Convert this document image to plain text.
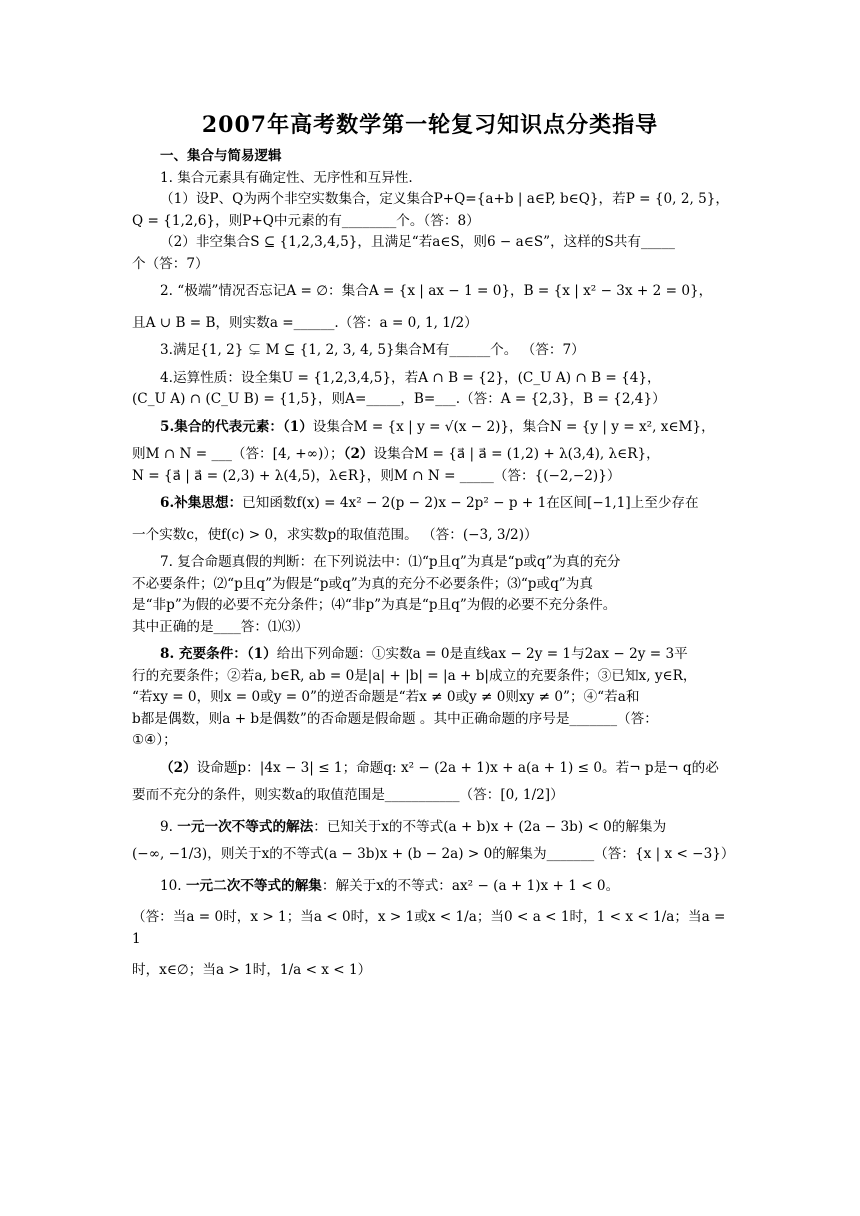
2007年高考数学第一轮复习知识点分类指导

一、集合与简易逻辑

1. 集合元素具有确定性、无序性和互异性.

（1）设P、Q为两个非空实数集合，定义集合P+Q={a+b | a∈P, b∈Q}，若P = {0, 2, 5}，

Q = {1,2,6}，则P+Q中元素的有________个。（答：8）

（2）非空集合S ⊆ {1,2,3,4,5}，且满足“若a∈S，则6 − a∈S”，这样的S共有_____

个（答：7）

2. “极端”情况否忘记A = ∅：集合A = {x | ax − 1 = 0}，B = {x | x² − 3x + 2 = 0}，

且A ∪ B = B，则实数a =______.（答：a = 0, 1, 1/2）

3.满足{1, 2} ⊊ M ⊆ {1, 2, 3, 4, 5}集合M有______个。 （答：7）

4.运算性质：设全集U = {1,2,3,4,5}，若A ∩ B = {2}，(C_U A) ∩ B = {4}，

(C_U A) ∩ (C_U B) = {1,5}，则A=_____，B=___.（答：A = {2,3}，B = {2,4}）

5.集合的代表元素：（1）设集合M = {x | y = √(x − 2)}，集合N = {y | y = x², x∈M}，

则M ∩ N = ___（答：[4, +∞)）；（2）设集合M = {a⃗ | a⃗ = (1,2) + λ(3,4), λ∈R}，

N = {a⃗ | a⃗ = (2,3) + λ(4,5)，λ∈R}，则M ∩ N = _____（答：{(−2,−2)}）

6.补集思想：已知函数f(x) = 4x² − 2(p − 2)x − 2p² − p + 1在区间[−1,1]上至少存在

一个实数c，使f(c) > 0，求实数p的取值范围。 （答：(−3, 3/2)）

7. 复合命题真假的判断：在下列说法中：⑴“p且q”为真是“p或q”为真的充分

不必要条件；⑵“p且q”为假是“p或q”为真的充分不必要条件；⑶“p或q”为真

是“非p”为假的必要不充分条件；⑷“非p”为真是“p且q”为假的必要不充分条件。

其中正确的是____答：⑴⑶）

8. 充要条件：（1）给出下列命题：①实数a = 0是直线ax − 2y = 1与2ax − 2y = 3平

行的充要条件；②若a, b∈R, ab = 0是|a| + |b| = |a + b|成立的充要条件；③已知x, y∈R，

“若xy = 0，则x = 0或y = 0”的逆否命题是“若x ≠ 0或y ≠ 0则xy ≠ 0”；④“若a和

b都是偶数，则a + b是偶数”的否命题是假命题 。其中正确命题的序号是_______（答：

①④）；

（2）设命题p：|4x − 3| ≤ 1；命题q: x² − (2a + 1)x + a(a + 1) ≤ 0。若¬ p是¬ q的必

要而不充分的条件，则实数a的取值范围是___________（答：[0, 1/2]）

9. 一元一次不等式的解法：已知关于x的不等式(a + b)x + (2a − 3b) < 0的解集为

(−∞, −1/3)，则关于x的不等式(a − 3b)x + (b − 2a) > 0的解集为_______（答：{x | x < −3}）

10. 一元二次不等式的解集：解关于x的不等式：ax² − (a + 1)x + 1 < 0。

（答：当a = 0时，x > 1；当a < 0时，x > 1或x < 1/a；当0 < a < 1时，1 < x < 1/a；当a = 1

时，x∈∅；当a > 1时，1/a < x < 1）
